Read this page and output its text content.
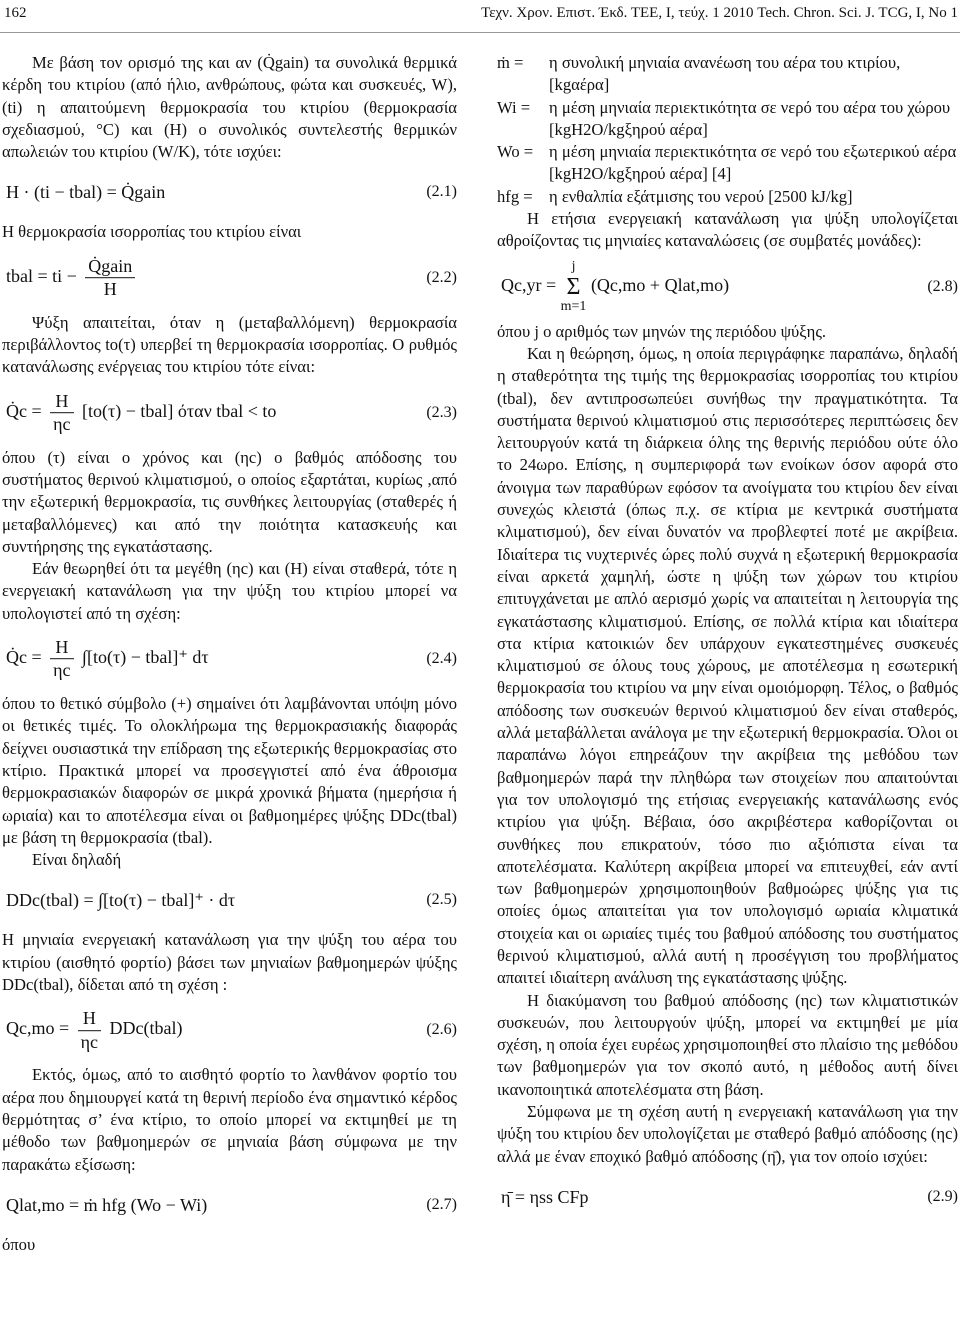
162	Τεχν. Χρον. Επιστ. Έκδ. ΤΕΕ, Ι, τεύχ. 1 2010 Tech. Chron. Sci. J. TCG, I, No 1

Με βάση τον ορισμό της και αν (Q̇gain) τα συνολικά θερμικά κέρδη του κτιρίου (από ήλιο, ανθρώπους, φώτα και συσκευές, W), (ti) η απαιτούμενη θερμοκρασία του κτιρίου (θερμοκρασία σχεδιασμού, °C) και (Η) ο συνολικός συντελεστής θερμικών απωλειών του κτιρίου (W/K), τότε ισχύει:

Η · (ti − tbal) = Q̇gain	(2.1)

Η θερμοκρασία ισορροπίας του κτιρίου είναι

tbal = ti − $\frac{\text{Q̇gain}}{H}$	(2.2)

Ψύξη απαιτείται, όταν η (μεταβαλλόμενη) θερμοκρασία περιβάλλοντος to(τ) υπερβεί τη θερμοκρασία ισορροπίας. Ο ρυθμός κατανάλωσης ενέργειας του κτιρίου τότε είναι:

Q̇c = $\frac{H}{\eta c} [to(\tau)$ − tbal] όταν tbal < to	(2.3)

όπου (τ) είναι ο χρόνος και (ηc) ο βαθμός απόδοσης του συστήματος θερινού κλιματισμού, ο οποίος εξαρτάται, κυρίως ,από την εξωτερική θερμοκρασία, τις συνθήκες λειτουργίας (σταθερές ή μεταβαλλόμενες) και από την ποιότητα κατασκευής και συντήρησης της εγκατάστασης.

Εάν θεωρηθεί ότι τα μεγέθη (ηc) και (Η) είναι σταθερά, τότε η ενεργειακή κατανάλωση για την ψύξη του κτιρίου μπορεί να υπολογιστεί από τη σχέση:

Q̇c = $\frac{H}{\eta c} \int[to(\tau)$ − tbal]⁺ dτ	(2.4)

όπου το θετικό σύμβολο (+) σημαίνει ότι λαμβάνονται υπόψη μόνο οι θετικές τιμές. Το ολοκλήρωμα της θερμοκρασιακής διαφοράς δείχνει ουσιαστικά την επίδραση της εξωτερικής θερμοκρασίας στο κτίριο. Πρακτικά μπορεί να προσεγγιστεί από ένα άθροισμα θερμοκρασιακών διαφορών σε μικρά χρονικά βήματα (ημερήσια ή ωριαία) και το αποτέλεσμα είναι οι βαθμοημέρες ψύξης DDc(tbal) με βάση τη θερμοκρασία (tbal).

Είναι δηλαδή

DDc(tbal) = ∫[to(τ) − tbal]⁺ · dτ	(2.5)

Η μηνιαία ενεργειακή κατανάλωση για την ψύξη του αέρα του κτιρίου (αισθητό φορτίο) βάσει των μηνιαίων βαθμοημερών ψύξης DDc(tbal), δίδεται από τη σχέση :

$Qc,mo = \frac{H}{\eta c}$ DDc(tbal)	(2.6)

Εκτός, όμως, από το αισθητό φορτίο το λανθάνον φορτίο του αέρα που δημιουργεί κατά τη θερινή περίοδο ένα σημαντικό κέρδος θερμότητας σ’ ένα κτίριο, το οποίο μπορεί να εκτιμηθεί με τη μέθοδο των βαθμοημερών σε μηνιαία βάση σύμφωνα με την παρακάτω εξίσωση:

Qlat,mo = ṁ hfg (Wo − Wi)	(2.7)

όπου

ṁ = η συνολική μηνιαία ανανέωση του αέρα του κτιρίου, [kgαέρα]
Wi = η μέση μηνιαία περιεκτικότητα σε νερό του αέρα του χώρου [kgH2O/kgξηρού αέρα]
Wo = η μέση μηνιαία περιεκτικότητα σε νερό του εξωτερικού αέρα [kgH2O/kgξηρού αέρα] [4]
hfg = η ενθαλπία εξάτμισης του νερού [2500 kJ/kg]

Η ετήσια ενεργειακή κατανάλωση για ψύξη υπολογίζεται αθροίζοντας τις μηνιαίες καταναλώσεις (σε συμβατές μονάδες):

Qc,yr =
j
Σ
m=1
(Qc,mo + Qlat,mo)	(2.8)

όπου j ο αριθμός των μηνών της περιόδου ψύξης.

Και η θεώρηση, όμως, η οποία περιγράφηκε παραπάνω, δηλαδή η σταθερότητα της τιμής της θερμοκρασίας ισορροπίας του κτιρίου (tbal), δεν αντιπροσωπεύει συνήθως την πραγματικότητα. Τα συστήματα θερινού κλιματισμού στις περισσότερες περιπτώσεις δεν λειτουργούν κατά τη διάρκεια όλης της θερινής περιόδου ούτε όλο το 24ωρο. Επίσης, η συμπεριφορά των ενοίκων όσον αφορά στο άνοιγμα των παραθύρων εφόσον τα ανοίγματα του κτιρίου δεν είναι συνεχώς κλειστά (όπως π.χ. σε κτίρια με κεντρικά συστήματα κλιματισμού), δεν είναι δυνατόν να προβλεφτεί ποτέ με ακρίβεια. Ιδιαίτερα τις νυχτερινές ώρες πολύ συχνά η εξωτερική θερμοκρασία είναι αρκετά χαμηλή, ώστε η ψύξη των χώρων του κτιρίου επιτυγχάνεται με απλό αερισμό χωρίς να απαιτείται η λειτουργία της εγκατάστασης κλιματισμού. Επίσης, σε πολλά κτίρια και ιδιαίτερα στα κτίρια κατοικιών δεν υπάρχουν εγκατεστημένες συσκευές κλιματισμού σε όλους τους χώρους, με αποτέλεσμα η εσωτερική θερμοκρασία του κτιρίου να μην είναι ομοιόμορφη. Τέλος, ο βαθμός απόδοσης των συσκευών θερινού κλιματισμού δεν είναι σταθερός, αλλά μεταβάλλεται ανάλογα με την εξωτερική θερμοκρασία. Όλοι οι παραπάνω λόγοι επηρεάζουν την ακρίβεια της μεθόδου των βαθμοημερών παρά την πληθώρα των στοιχείων που απαιτούνται για τον υπολογισμό της ετήσιας ενεργειακής κατανάλωσης ενός κτιρίου για ψύξη. Βέβαια, όσο ακριβέστερα καθορίζονται οι συνθήκες που επικρατούν, τόσο πιο αξιόπιστα είναι τα αποτελέσματα. Καλύτερη ακρίβεια μπορεί να επιτευχθεί, εάν αντί των βαθμοημερών χρησιμοποιηθούν βαθμοώρες ψύξης για τις οποίες όμως απαιτείται για τον υπολογισμό ωριαία κλιματικά στοιχεία και οι ωριαίες τιμές του βαθμού απόδοσης του συστήματος θερινού κλιματισμού, αλλά αυτή η προσέγγιση του προβλήματος απαιτεί ιδιαίτερη ανάλυση της εγκατάστασης ψύξης.

Η διακύμανση του βαθμού απόδοσης (ηc) των κλιματιστικών συσκευών, που λειτουργούν ψύξη, μπορεί να εκτιμηθεί με μία σχέση, η οποία έχει ευρέως χρησιμοποιηθεί στο πλαίσιο της μεθόδου των βαθμοημερών για τον σκοπό αυτό, η μέθοδος αυτή δίνει ικανοποιητικά αποτελέσματα στη βάση.

Σύμφωνα με τη σχέση αυτή η ενεργειακή κατανάλωση για την ψύξη του κτιρίου δεν υπολογίζεται με σταθερό βαθμό απόδοσης (ηc) αλλά με έναν εποχικό βαθμό απόδοσης (η̄), για τον οποίο ισχύει:

η̄ = ηss CFp	(2.9)
